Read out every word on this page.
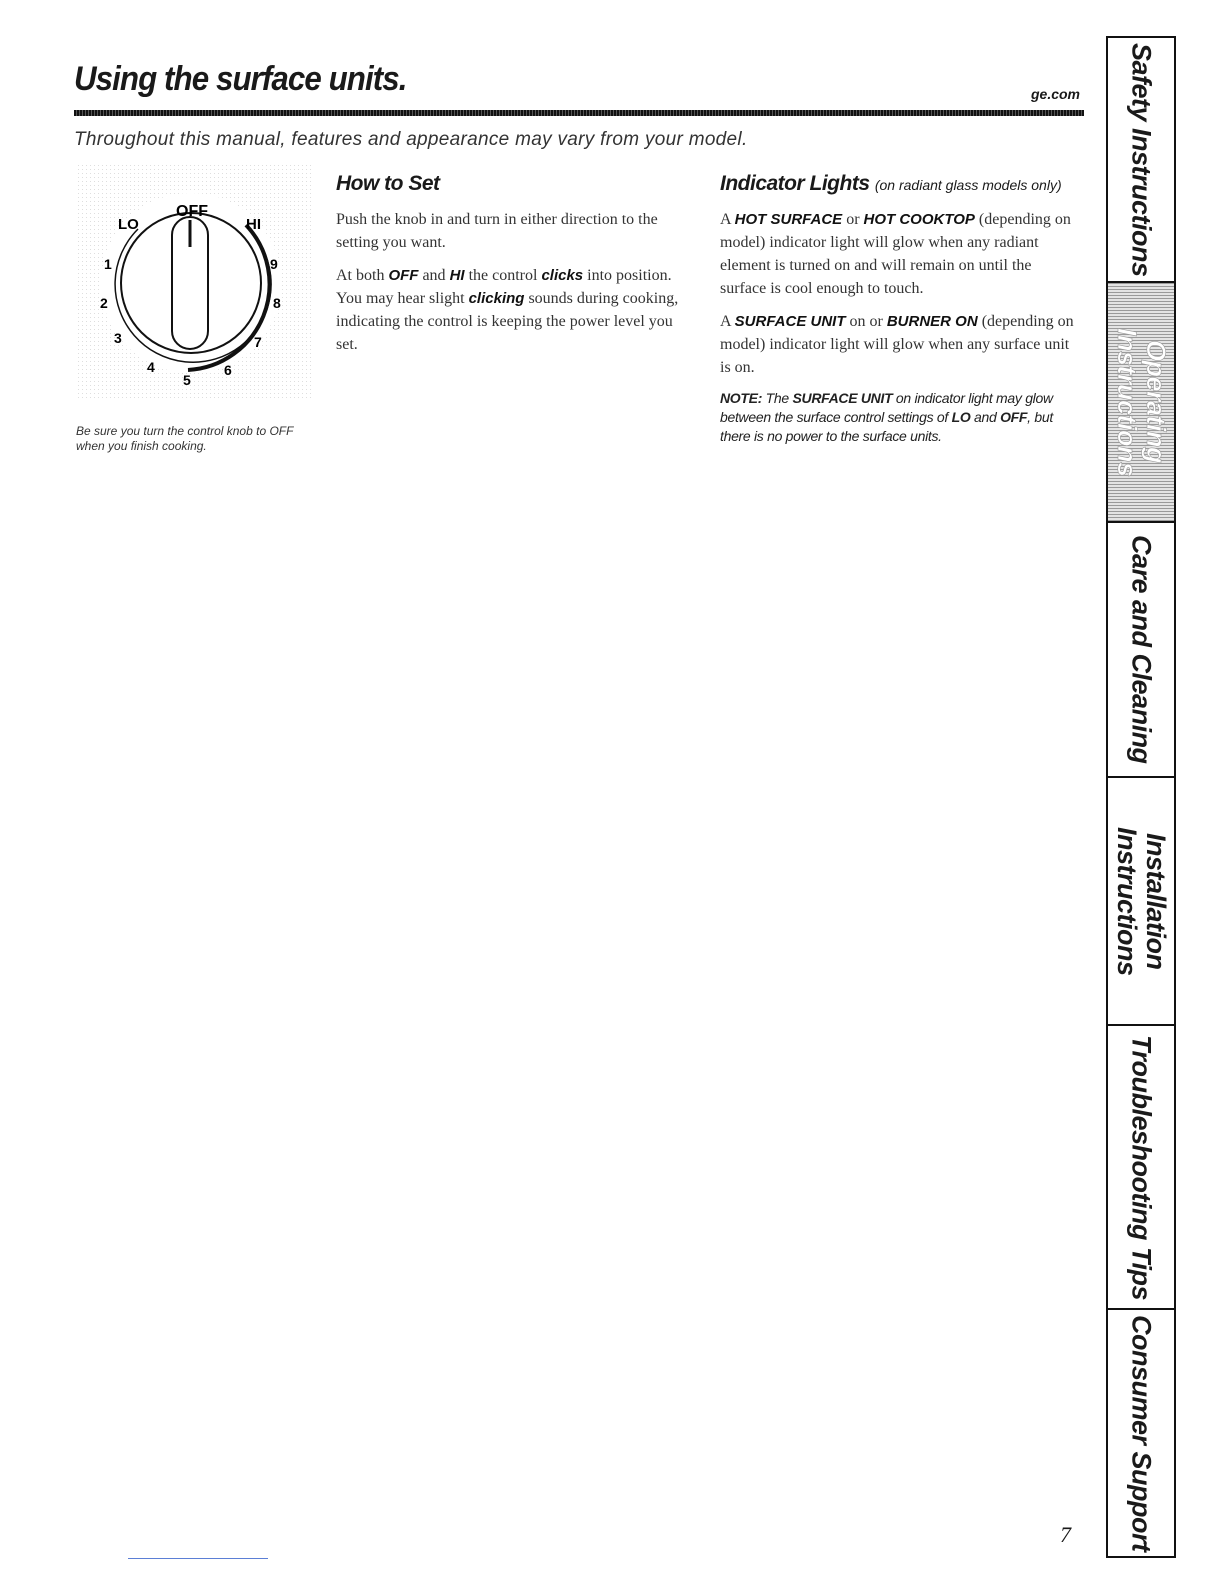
Using the surface units.	ge.com

Throughout this manual, features and appearance may vary from your model.

OFF
LO	HI
1
2
3
4
5
6
7
8
9

Be sure you turn the control knob to OFF when you finish cooking.

How to Set

Push the knob in and turn in either direction to the setting you want.

At both OFF and HI the control clicks into position. You may hear slight clicking sounds during cooking, indicating the control is keeping the power level you set.

Indicator Lights (on radiant glass models only)

A HOT SURFACE or HOT COOKTOP (depending on model) indicator light will glow when any radiant element is turned on and will remain on until the surface is cool enough to touch.

A SURFACE UNIT on or BURNER ON (depending on model) indicator light will glow when any surface unit is on.

NOTE: The SURFACE UNIT on indicator light may glow between the surface control settings of LO and OFF, but there is no power to the surface units.

Safety Instructions
Operating Instructions
Care and Cleaning
Installation
Instructions
Troubleshooting Tips
Consumer Support
7
